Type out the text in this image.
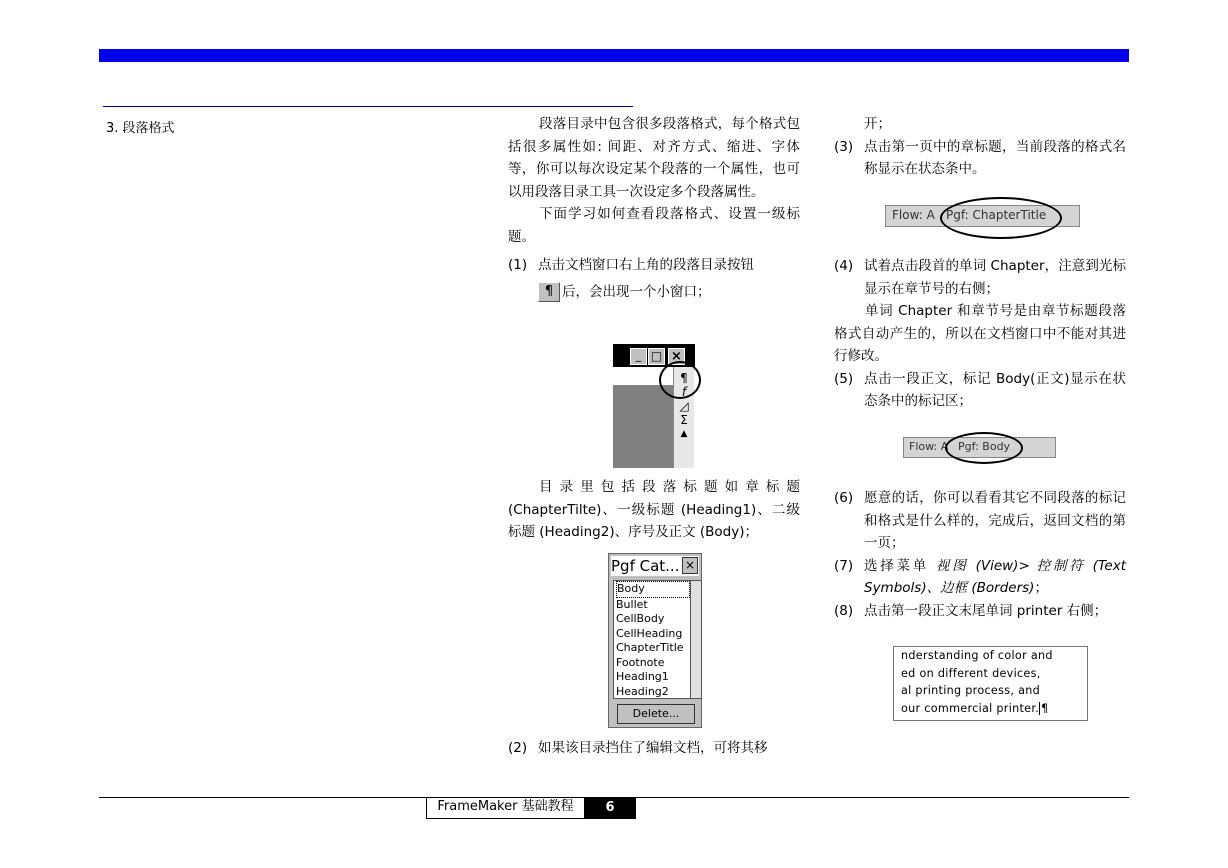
3. 段落格式	段落目录中包含很多段落格式，每个格式包括很多属性如: 间距、对齐方式、缩进、字体等，你可以每次设定某个段落的一个属性，也可以用段落目录工具一次设定多个段落属性。

下面学习如何查看段落格式、设置一级标题。

(1) 点击文档窗口右上角的段落目录按钮

¶ 后，会出现一个小窗口；

_ □ ×
¶
f
◿
Σ
▲

目 录 里 包 括 段 落 标 题 如 章 标 题 (ChapterTilte)、一级标题 (Heading1)、二级标题 (Heading2)、序号及正文 (Body)；

Pgf Cat... ×
Body
Bullet
CellBody
CellHeading
ChapterTitle
Footnote
Heading1
Heading2
Delete...

(2) 如果该目录挡住了编辑文档，可将其移

开；

(3) 点击第一页中的章标题，当前段落的格式名称显示在状态条中。

Flow: A Pgf: ChapterTitle

(4) 试着点击段首的单词 Chapter，注意到光标显示在章节号的右侧；

单词 Chapter 和章节号是由章节标题段落格式自动产生的，所以在文档窗口中不能对其进行修改。

(5) 点击一段正文，标记 Body(正文)显示在状态条中的标记区；

Flow: A Pgf: Body

(6) 愿意的话，你可以看看其它不同段落的标记和格式是什么样的，完成后，返回文档的第一页；

(7) 选择菜单 视图 (View)> 控制符 (Text Symbols)、边框 (Borders)；

(8) 点击第一段正文末尾单词 printer 右侧；

nderstanding of color and
ed on different devices,
al printing process, and
our commercial printer. ¶
FrameMaker 基础教程	6
